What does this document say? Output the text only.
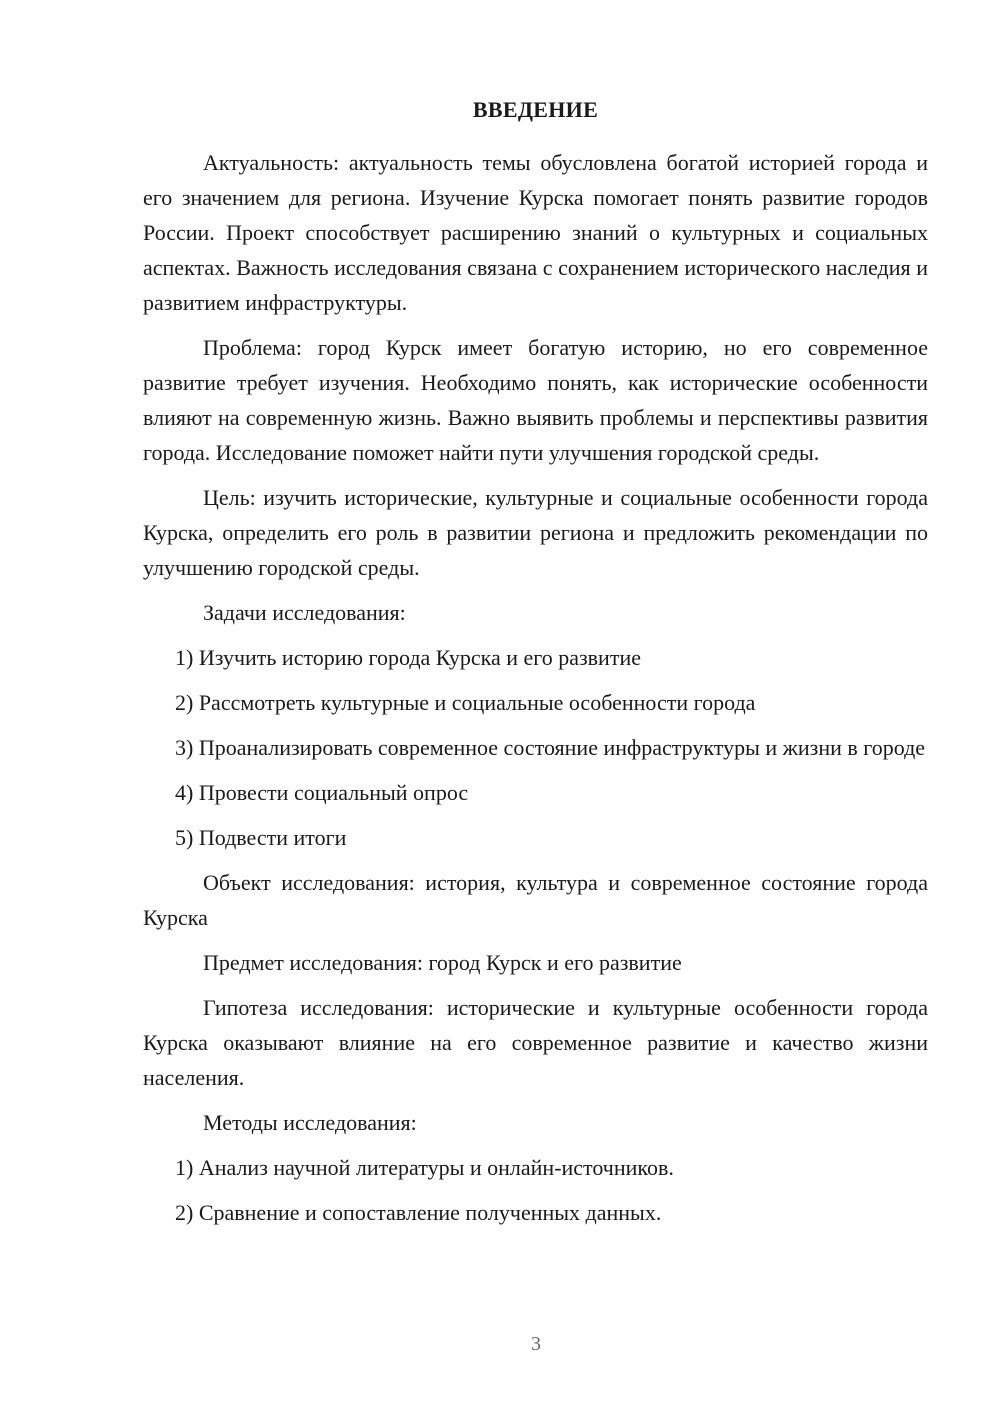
ВВЕДЕНИЕ

Актуальность: актуальность темы обусловлена богатой историей города и его значением для региона. Изучение Курска помогает понять развитие городов России. Проект способствует расширению знаний о культурных и социальных аспектах. Важность исследования связана с сохранением исторического наследия и развитием инфраструктуры.

Проблема: город Курск имеет богатую историю, но его современное развитие требует изучения. Необходимо понять, как исторические особенности влияют на современную жизнь. Важно выявить проблемы и перспективы развития города. Исследование поможет найти пути улучшения городской среды.

Цель: изучить исторические, культурные и социальные особенности города Курска, определить его роль в развитии региона и предложить рекомендации по улучшению городской среды.

Задачи исследования:

1) Изучить историю города Курска и его развитие

2) Рассмотреть культурные и социальные особенности города

3) Проанализировать современное состояние инфраструктуры и жизни в городе

4) Провести социальный опрос

5) Подвести итоги

Объект исследования: история, культура и современное состояние города Курска

Предмет исследования: город Курск и его развитие

Гипотеза исследования: исторические и культурные особенности города Курска оказывают влияние на его современное развитие и качество жизни населения.

Методы исследования:

1) Анализ научной литературы и онлайн-источников.

2) Сравнение и сопоставление полученных данных.

3
